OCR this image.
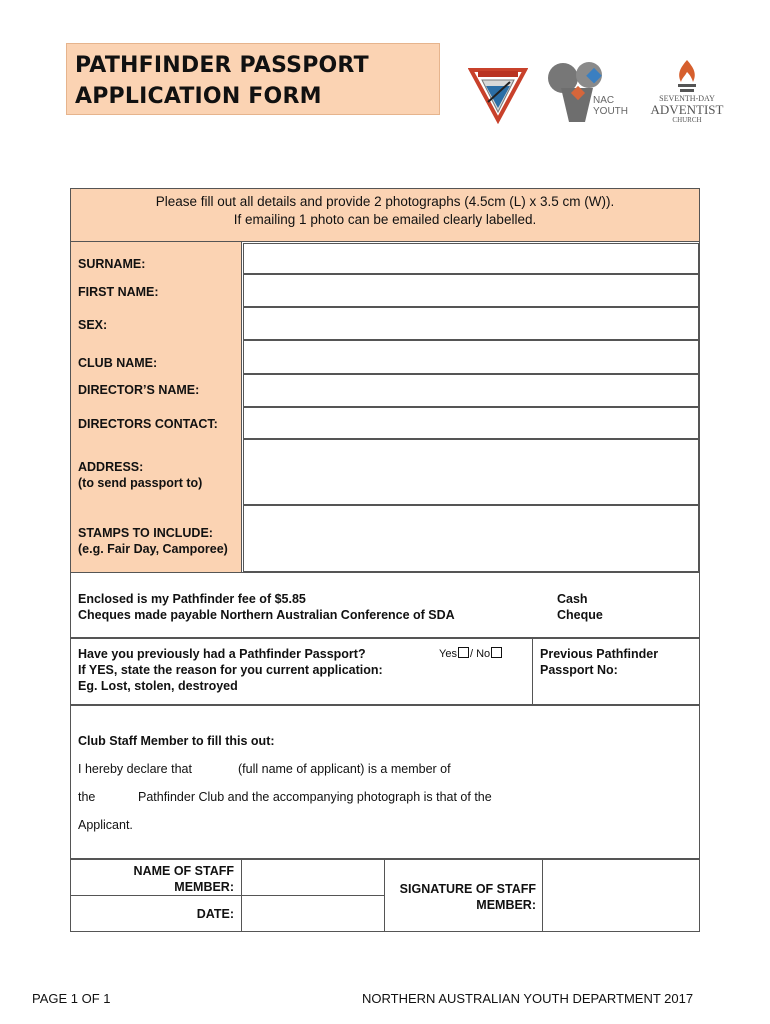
PATHFINDER PASSPORT
APPLICATION FORM	NAC
YOUTH
SEVENTH-DAY
ADVENTIST
CHURCH
Please fill out all details and provide 2 photographs (4.5cm (L) x 3.5 cm (W)).
If emailing 1 photo can be emailed clearly labelled.
SURNAME:
FIRST NAME:
SEX:
CLUB NAME:
DIRECTOR’S NAME:
DIRECTORS CONTACT:
ADDRESS:
(to send passport to)
STAMPS TO INCLUDE:
(e.g. Fair Day, Camporee)
Enclosed is my Pathfinder fee of $5.85
Cheques made payable Northern Australian Conference of SDA
Cash
Cheque
Have you previously had a Pathfinder Passport?
If YES, state the reason for you current application:
Eg. Lost, stolen, destroyed
Yes / No	Previous Pathfinder
Passport No:
Club Staff Member to fill this out:
I hereby declare that	(full name of applicant) is a member of
the	Pathfinder Club and the accompanying photograph is that of the
Applicant.
NAME OF STAFF
MEMBER:
DATE:
SIGNATURE OF STAFF
MEMBER:
PAGE 1 OF 1	NORTHERN AUSTRALIAN YOUTH DEPARTMENT 2017
